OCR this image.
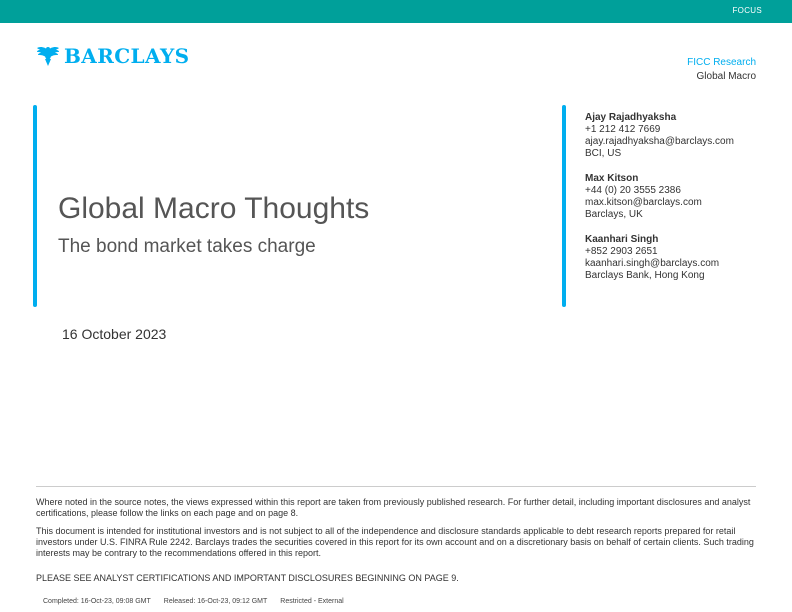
FOCUS
BARCLAYS	FICC Research
Global Macro
Global Macro Thoughts
The bond market takes charge
16 October 2023
Ajay Rajadhyaksha
+1 212 412 7669
ajay.rajadhyaksha@barclays.com
BCI, US
Max Kitson
+44 (0) 20 3555 2386
max.kitson@barclays.com
Barclays, UK
Kaanhari Singh
+852 2903 2651
kaanhari.singh@barclays.com
Barclays Bank, Hong Kong

Where noted in the source notes, the views expressed within this report are taken from previously published research. For further detail, including important disclosures and analyst certifications, please follow the links on each page and on page 8.

This document is intended for institutional investors and is not subject to all of the independence and disclosure standards applicable to debt research reports prepared for retail investors under U.S. FINRA Rule 2242. Barclays trades the securities covered in this report for its own account and on a discretionary basis on behalf of certain clients. Such trading interests may be contrary to the recommendations offered in this report.

PLEASE SEE ANALYST CERTIFICATIONS AND IMPORTANT DISCLOSURES BEGINNING ON PAGE 9.

Completed: 16-Oct-23, 09:08 GMT Released: 16-Oct-23, 09:12 GMT Restricted - External
